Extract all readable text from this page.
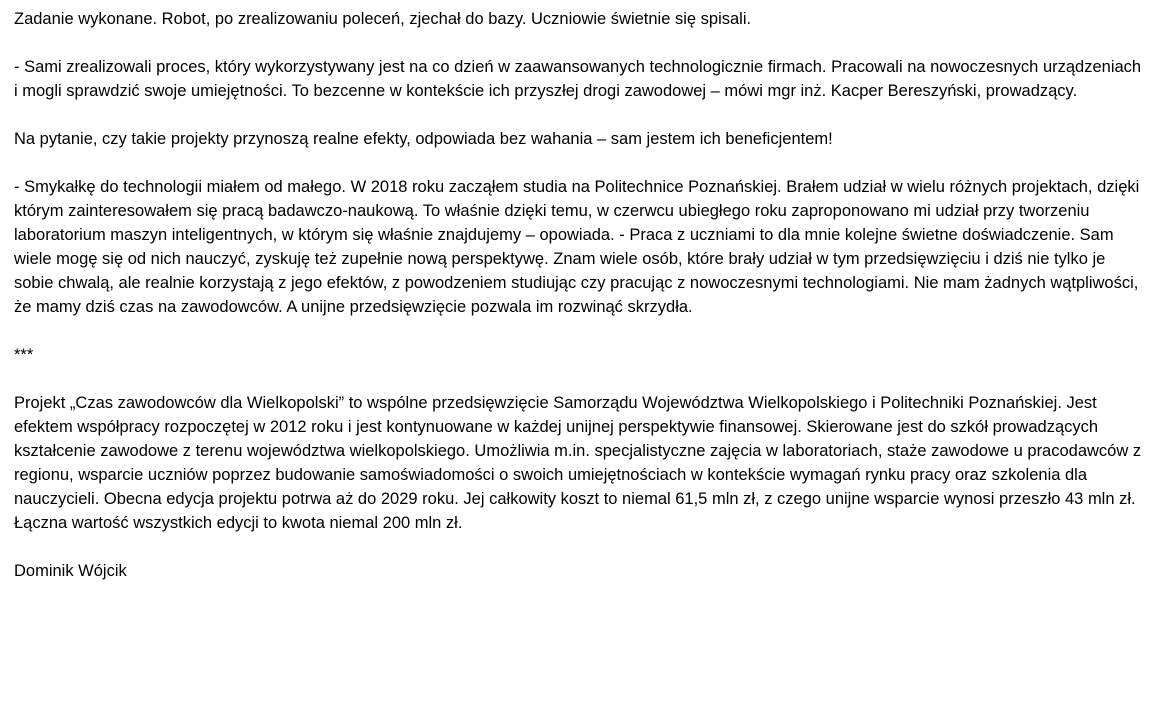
Zadanie wykonane. Robot, po zrealizowaniu poleceń, zjechał do bazy. Uczniowie świetnie się spisali.

- Sami zrealizowali proces, który wykorzystywany jest na co dzień w zaawansowanych technologicznie firmach. Pracowali na nowoczesnych urządzeniach i mogli sprawdzić swoje umiejętności. To bezcenne w kontekście ich przyszłej drogi zawodowej – mówi mgr inż. Kacper Bereszyński, prowadzący.

Na pytanie, czy takie projekty przynoszą realne efekty, odpowiada bez wahania – sam jestem ich beneficjentem!

- Smykałkę do technologii miałem od małego. W 2018 roku zacząłem studia na Politechnice Poznańskiej. Brałem udział w wielu różnych projektach, dzięki którym zainteresowałem się pracą badawczo-naukową. To właśnie dzięki temu, w czerwcu ubiegłego roku zaproponowano mi udział przy tworzeniu laboratorium maszyn inteligentnych, w którym się właśnie znajdujemy – opowiada. - Praca z uczniami to dla mnie kolejne świetne doświadczenie. Sam wiele mogę się od nich nauczyć, zyskuję też zupełnie nową perspektywę. Znam wiele osób, które brały udział w tym przedsięwzięciu i dziś nie tylko je sobie chwalą, ale realnie korzystają z jego efektów, z powodzeniem studiując czy pracując z nowoczesnymi technologiami. Nie mam żadnych wątpliwości, że mamy dziś czas na zawodowców. A unijne przedsięwzięcie pozwala im rozwinąć skrzydła.

***

Projekt „Czas zawodowców dla Wielkopolski” to wspólne przedsięwzięcie Samorządu Województwa Wielkopolskiego i Politechniki Poznańskiej. Jest efektem współpracy rozpoczętej w 2012 roku i jest kontynuowane w każdej unijnej perspektywie finansowej. Skierowane jest do szkół prowadzących kształcenie zawodowe z terenu województwa wielkopolskiego. Umożliwia m.in. specjalistyczne zajęcia w laboratoriach, staże zawodowe u pracodawców z regionu, wsparcie uczniów poprzez budowanie samoświadomości o swoich umiejętnościach w kontekście wymagań rynku pracy oraz szkolenia dla nauczycieli. Obecna edycja projektu potrwa aż do 2029 roku. Jej całkowity koszt to niemal 61,5 mln zł, z czego unijne wsparcie wynosi przeszło 43 mln zł. Łączna wartość wszystkich edycji to kwota niemal 200 mln zł.

Dominik Wójcik
